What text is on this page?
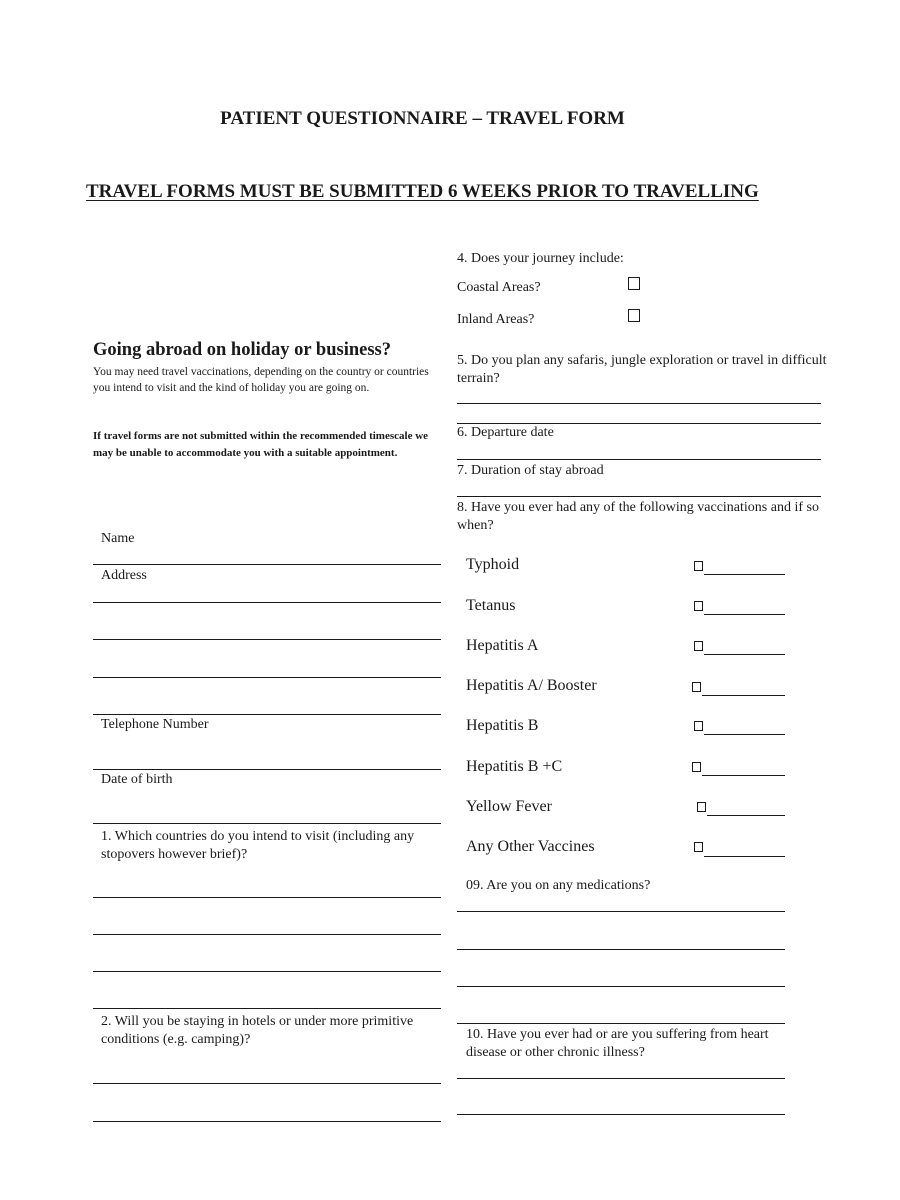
PATIENT QUESTIONNAIRE – TRAVEL FORM
TRAVEL FORMS MUST BE SUBMITTED 6 WEEKS PRIOR TO TRAVELLING
Going abroad on holiday or business?
You may need travel vaccinations, depending on the country or countries you intend to visit and the kind of holiday you are going on.
If travel forms are not submitted within the recommended timescale we may be unable to accommodate you with a suitable appointment.
Name
Address
Telephone Number
Date of birth
1. Which countries do you intend to visit (including any stopovers however brief)?
2. Will you be staying in hotels or under more primitive conditions (e.g. camping)?
4. Does your journey include:
Coastal Areas?
Inland Areas?
5. Do you plan any safaris, jungle exploration or travel in difficult terrain?
6. Departure date
7. Duration of stay abroad
8. Have you ever had any of the following vaccinations and if so when?
Typhoid
Tetanus
Hepatitis A
Hepatitis A/ Booster
Hepatitis B
Hepatitis B +C
Yellow Fever
Any Other Vaccines
09. Are you on any medications?
10. Have you ever had or are you suffering from heart disease or other chronic illness?
